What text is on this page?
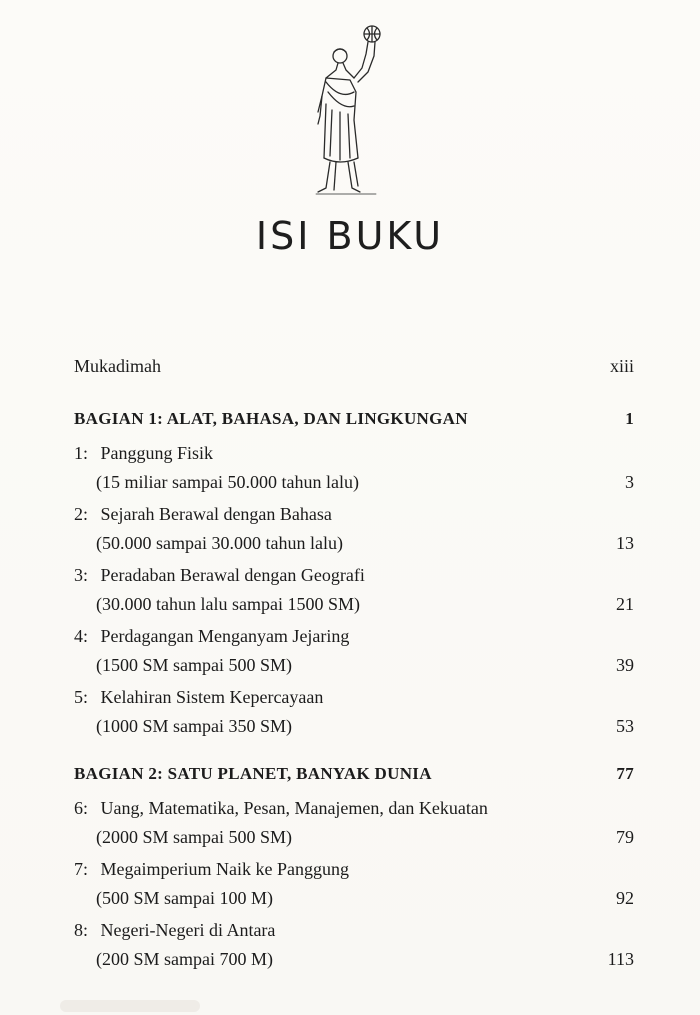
ISI BUKU
Mukadimah	xiii
BAGIAN 1: ALAT, BAHASA, DAN LINGKUNGAN	1
1: Panggung Fisik
(15 miliar sampai 50.000 tahun lalu)	3
2: Sejarah Berawal dengan Bahasa
(50.000 sampai 30.000 tahun lalu)	13
3: Peradaban Berawal dengan Geografi
(30.000 tahun lalu sampai 1500 SM)	21
4: Perdagangan Menganyam Jejaring
(1500 SM sampai 500 SM)	39
5: Kelahiran Sistem Kepercayaan
(1000 SM sampai 350 SM)	53
BAGIAN 2: SATU PLANET, BANYAK DUNIA	77
6: Uang, Matematika, Pesan, Manajemen, dan Kekuatan
(2000 SM sampai 500 SM)	79
7: Megaimperium Naik ke Panggung
(500 SM sampai 100 M)	92
8: Negeri-Negeri di Antara
(200 SM sampai 700 M)	113
